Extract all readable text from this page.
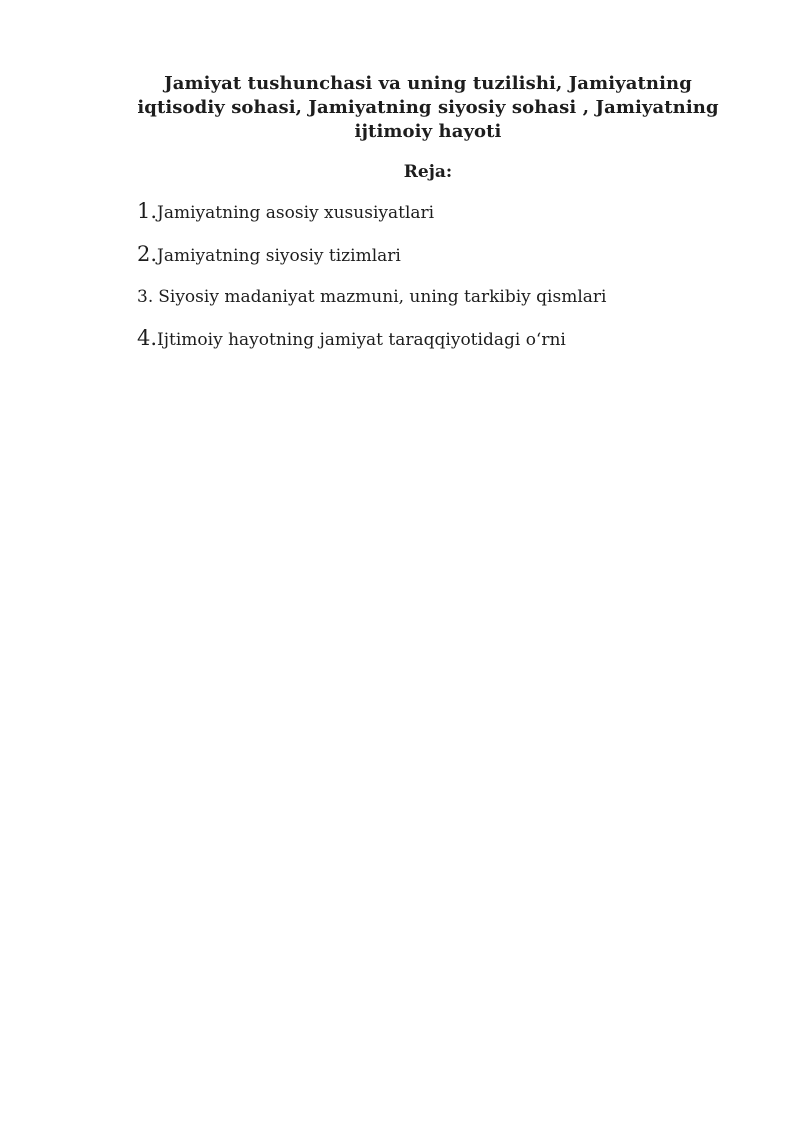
Jamiyat tushunchasi va uning tuzilishi, Jamiyatning
iqtisodiy sohasi, Jamiyatning siyosiy sohasi , Jamiyatning
ijtimoiy hayoti
Reja:
1.Jamiyatning asosiy xususiyatlari
2.Jamiyatning siyosiy tizimlari
3. Siyosiy madaniyat mazmuni, uning tarkibiy qismlari
4.Ijtimoiy hayotning jamiyat taraqqiyotidagi oʻrni
